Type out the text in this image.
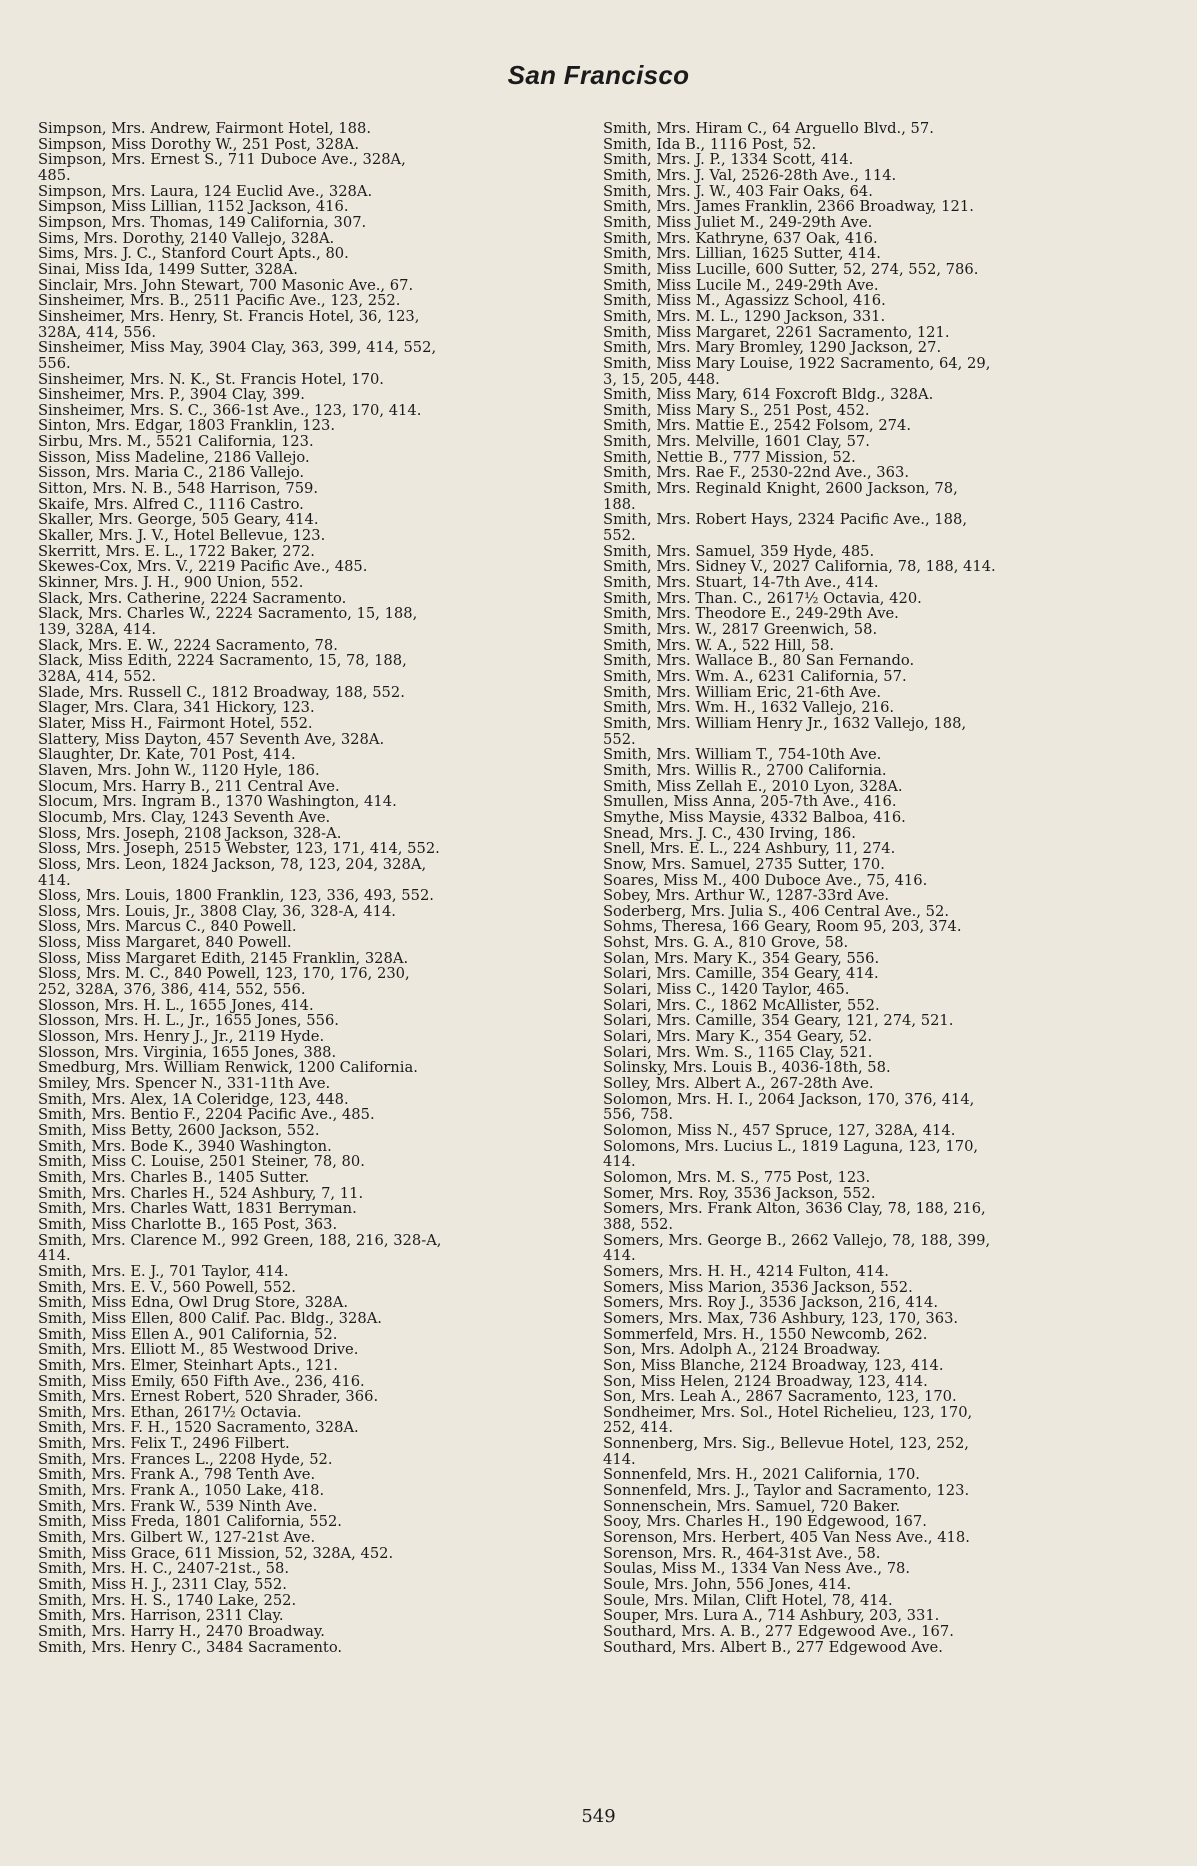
San Francisco
Simpson, Mrs. Andrew, Fairmont Hotel, 188.
Simpson, Miss Dorothy W., 251 Post, 328A.
Simpson, Mrs. Ernest S., 711 Duboce Ave., 328A,
485.
Simpson, Mrs. Laura, 124 Euclid Ave., 328A.
Simpson, Miss Lillian, 1152 Jackson, 416.
Simpson, Mrs. Thomas, 149 California, 307.
Sims, Mrs. Dorothy, 2140 Vallejo, 328A.
Sims, Mrs. J. C., Stanford Court Apts., 80.
Sinai, Miss Ida, 1499 Sutter, 328A.
Sinclair, Mrs. John Stewart, 700 Masonic Ave., 67.
Sinsheimer, Mrs. B., 2511 Pacific Ave., 123, 252.
Sinsheimer, Mrs. Henry, St. Francis Hotel, 36, 123,
328A, 414, 556.
Sinsheimer, Miss May, 3904 Clay, 363, 399, 414, 552,
556.
Sinsheimer, Mrs. N. K., St. Francis Hotel, 170.
Sinsheimer, Mrs. P., 3904 Clay, 399.
Sinsheimer, Mrs. S. C., 366-1st Ave., 123, 170, 414.
Sinton, Mrs. Edgar, 1803 Franklin, 123.
Sirbu, Mrs. M., 5521 California, 123.
Sisson, Miss Madeline, 2186 Vallejo.
Sisson, Mrs. Maria C., 2186 Vallejo.
Sitton, Mrs. N. B., 548 Harrison, 759.
Skaife, Mrs. Alfred C., 1116 Castro.
Skaller, Mrs. George, 505 Geary, 414.
Skaller, Mrs. J. V., Hotel Bellevue, 123.
Skerritt, Mrs. E. L., 1722 Baker, 272.
Skewes-Cox, Mrs. V., 2219 Pacific Ave., 485.
Skinner, Mrs. J. H., 900 Union, 552.
Slack, Mrs. Catherine, 2224 Sacramento.
Slack, Mrs. Charles W., 2224 Sacramento, 15, 188,
139, 328A, 414.
Slack, Mrs. E. W., 2224 Sacramento, 78.
Slack, Miss Edith, 2224 Sacramento, 15, 78, 188,
328A, 414, 552.
Slade, Mrs. Russell C., 1812 Broadway, 188, 552.
Slager, Mrs. Clara, 341 Hickory, 123.
Slater, Miss H., Fairmont Hotel, 552.
Slattery, Miss Dayton, 457 Seventh Ave, 328A.
Slaughter, Dr. Kate, 701 Post, 414.
Slaven, Mrs. John W., 1120 Hyle, 186.
Slocum, Mrs. Harry B., 211 Central Ave.
Slocum, Mrs. Ingram B., 1370 Washington, 414.
Slocumb, Mrs. Clay, 1243 Seventh Ave.
Sloss, Mrs. Joseph, 2108 Jackson, 328-A.
Sloss, Mrs. Joseph, 2515 Webster, 123, 171, 414, 552.
Sloss, Mrs. Leon, 1824 Jackson, 78, 123, 204, 328A,
414.
Sloss, Mrs. Louis, 1800 Franklin, 123, 336, 493, 552.
Sloss, Mrs. Louis, Jr., 3808 Clay, 36, 328-A, 414.
Sloss, Mrs. Marcus C., 840 Powell.
Sloss, Miss Margaret, 840 Powell.
Sloss, Miss Margaret Edith, 2145 Franklin, 328A.
Sloss, Mrs. M. C., 840 Powell, 123, 170, 176, 230,
252, 328A, 376, 386, 414, 552, 556.
Slosson, Mrs. H. L., 1655 Jones, 414.
Slosson, Mrs. H. L., Jr., 1655 Jones, 556.
Slosson, Mrs. Henry J., Jr., 2119 Hyde.
Slosson, Mrs. Virginia, 1655 Jones, 388.
Smedburg, Mrs. William Renwick, 1200 California.
Smiley, Mrs. Spencer N., 331-11th Ave.
Smith, Mrs. Alex, 1A Coleridge, 123, 448.
Smith, Mrs. Bentio F., 2204 Pacific Ave., 485.
Smith, Miss Betty, 2600 Jackson, 552.
Smith, Mrs. Bode K., 3940 Washington.
Smith, Miss C. Louise, 2501 Steiner, 78, 80.
Smith, Mrs. Charles B., 1405 Sutter.
Smith, Mrs. Charles H., 524 Ashbury, 7, 11.
Smith, Mrs. Charles Watt, 1831 Berryman.
Smith, Miss Charlotte B., 165 Post, 363.
Smith, Mrs. Clarence M., 992 Green, 188, 216, 328-A,
414.
Smith, Mrs. E. J., 701 Taylor, 414.
Smith, Mrs. E. V., 560 Powell, 552.
Smith, Miss Edna, Owl Drug Store, 328A.
Smith, Miss Ellen, 800 Calif. Pac. Bldg., 328A.
Smith, Miss Ellen A., 901 California, 52.
Smith, Mrs. Elliott M., 85 Westwood Drive.
Smith, Mrs. Elmer, Steinhart Apts., 121.
Smith, Miss Emily, 650 Fifth Ave., 236, 416.
Smith, Mrs. Ernest Robert, 520 Shrader, 366.
Smith, Mrs. Ethan, 2617½ Octavia.
Smith, Mrs. F. H., 1520 Sacramento, 328A.
Smith, Mrs. Felix T., 2496 Filbert.
Smith, Mrs. Frances L., 2208 Hyde, 52.
Smith, Mrs. Frank A., 798 Tenth Ave.
Smith, Mrs. Frank A., 1050 Lake, 418.
Smith, Mrs. Frank W., 539 Ninth Ave.
Smith, Miss Freda, 1801 California, 552.
Smith, Mrs. Gilbert W., 127-21st Ave.
Smith, Miss Grace, 611 Mission, 52, 328A, 452.
Smith, Mrs. H. C., 2407-21st., 58.
Smith, Miss H. J., 2311 Clay, 552.
Smith, Mrs. H. S., 1740 Lake, 252.
Smith, Mrs. Harrison, 2311 Clay.
Smith, Mrs. Harry H., 2470 Broadway.
Smith, Mrs. Henry C., 3484 Sacramento.
Smith, Mrs. Hiram C., 64 Arguello Blvd., 57.
Smith, Ida B., 1116 Post, 52.
Smith, Mrs. J. P., 1334 Scott, 414.
Smith, Mrs. J. Val, 2526-28th Ave., 114.
Smith, Mrs. J. W., 403 Fair Oaks, 64.
Smith, Mrs. James Franklin, 2366 Broadway, 121.
Smith, Miss Juliet M., 249-29th Ave.
Smith, Mrs. Kathryne, 637 Oak, 416.
Smith, Mrs. Lillian, 1625 Sutter, 414.
Smith, Miss Lucille, 600 Sutter, 52, 274, 552, 786.
Smith, Miss Lucile M., 249-29th Ave.
Smith, Miss M., Agassizz School, 416.
Smith, Mrs. M. L., 1290 Jackson, 331.
Smith, Miss Margaret, 2261 Sacramento, 121.
Smith, Mrs. Mary Bromley, 1290 Jackson, 27.
Smith, Miss Mary Louise, 1922 Sacramento, 64, 29,
3, 15, 205, 448.
Smith, Miss Mary, 614 Foxcroft Bldg., 328A.
Smith, Miss Mary S., 251 Post, 452.
Smith, Mrs. Mattie E., 2542 Folsom, 274.
Smith, Mrs. Melville, 1601 Clay, 57.
Smith, Nettie B., 777 Mission, 52.
Smith, Mrs. Rae F., 2530-22nd Ave., 363.
Smith, Mrs. Reginald Knight, 2600 Jackson, 78,
188.
Smith, Mrs. Robert Hays, 2324 Pacific Ave., 188,
552.
Smith, Mrs. Samuel, 359 Hyde, 485.
Smith, Mrs. Sidney V., 2027 California, 78, 188, 414.
Smith, Mrs. Stuart, 14-7th Ave., 414.
Smith, Mrs. Than. C., 2617½ Octavia, 420.
Smith, Mrs. Theodore E., 249-29th Ave.
Smith, Mrs. W., 2817 Greenwich, 58.
Smith, Mrs. W. A., 522 Hill, 58.
Smith, Mrs. Wallace B., 80 San Fernando.
Smith, Mrs. Wm. A., 6231 California, 57.
Smith, Mrs. William Eric, 21-6th Ave.
Smith, Mrs. Wm. H., 1632 Vallejo, 216.
Smith, Mrs. William Henry Jr., 1632 Vallejo, 188,
552.
Smith, Mrs. William T., 754-10th Ave.
Smith, Mrs. Willis R., 2700 California.
Smith, Miss Zellah E., 2010 Lyon, 328A.
Smullen, Miss Anna, 205-7th Ave., 416.
Smythe, Miss Maysie, 4332 Balboa, 416.
Snead, Mrs. J. C., 430 Irving, 186.
Snell, Mrs. E. L., 224 Ashbury, 11, 274.
Snow, Mrs. Samuel, 2735 Sutter, 170.
Soares, Miss M., 400 Duboce Ave., 75, 416.
Sobey, Mrs. Arthur W., 1287-33rd Ave.
Soderberg, Mrs. Julia S., 406 Central Ave., 52.
Sohms, Theresa, 166 Geary, Room 95, 203, 374.
Sohst, Mrs. G. A., 810 Grove, 58.
Solan, Mrs. Mary K., 354 Geary, 556.
Solari, Mrs. Camille, 354 Geary, 414.
Solari, Miss C., 1420 Taylor, 465.
Solari, Mrs. C., 1862 McAllister, 552.
Solari, Mrs. Camille, 354 Geary, 121, 274, 521.
Solari, Mrs. Mary K., 354 Geary, 52.
Solari, Mrs. Wm. S., 1165 Clay, 521.
Solinsky, Mrs. Louis B., 4036-18th, 58.
Solley, Mrs. Albert A., 267-28th Ave.
Solomon, Mrs. H. I., 2064 Jackson, 170, 376, 414,
556, 758.
Solomon, Miss N., 457 Spruce, 127, 328A, 414.
Solomons, Mrs. Lucius L., 1819 Laguna, 123, 170,
414.
Solomon, Mrs. M. S., 775 Post, 123.
Somer, Mrs. Roy, 3536 Jackson, 552.
Somers, Mrs. Frank Alton, 3636 Clay, 78, 188, 216,
388, 552.
Somers, Mrs. George B., 2662 Vallejo, 78, 188, 399,
414.
Somers, Mrs. H. H., 4214 Fulton, 414.
Somers, Miss Marion, 3536 Jackson, 552.
Somers, Mrs. Roy J., 3536 Jackson, 216, 414.
Somers, Mrs. Max, 736 Ashbury, 123, 170, 363.
Sommerfeld, Mrs. H., 1550 Newcomb, 262.
Son, Mrs. Adolph A., 2124 Broadway.
Son, Miss Blanche, 2124 Broadway, 123, 414.
Son, Miss Helen, 2124 Broadway, 123, 414.
Son, Mrs. Leah A., 2867 Sacramento, 123, 170.
Sondheimer, Mrs. Sol., Hotel Richelieu, 123, 170,
252, 414.
Sonnenberg, Mrs. Sig., Bellevue Hotel, 123, 252,
414.
Sonnenfeld, Mrs. H., 2021 California, 170.
Sonnenfeld, Mrs. J., Taylor and Sacramento, 123.
Sonnenschein, Mrs. Samuel, 720 Baker.
Sooy, Mrs. Charles H., 190 Edgewood, 167.
Sorenson, Mrs. Herbert, 405 Van Ness Ave., 418.
Sorenson, Mrs. R., 464-31st Ave., 58.
Soulas, Miss M., 1334 Van Ness Ave., 78.
Soule, Mrs. John, 556 Jones, 414.
Soule, Mrs. Milan, Clift Hotel, 78, 414.
Souper, Mrs. Lura A., 714 Ashbury, 203, 331.
Southard, Mrs. A. B., 277 Edgewood Ave., 167.
Southard, Mrs. Albert B., 277 Edgewood Ave.
549
